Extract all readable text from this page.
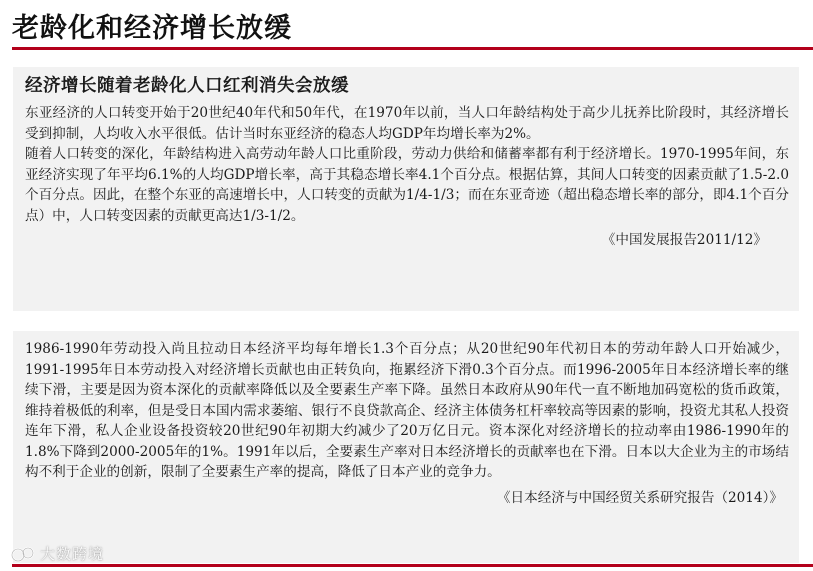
老龄化和经济增长放缓
经济增长随着老龄化人口红利消失会放缓

东亚经济的人口转变开始于20世纪40年代和50年代，在1970年以前，当人口年龄结构处于高少儿抚养比阶段时，其经济增长受到抑制，人均收入水平很低。估计当时东亚经济的稳态人均GDP年均增长率为2%。

随着人口转变的深化，年龄结构进入高劳动年龄人口比重阶段，劳动力供给和储蓄率都有利于经济增长。1970-1995年间，东亚经济实现了年平均6.1%的人均GDP增长率，高于其稳态增长率4.1个百分点。根据估算，其间人口转变的因素贡献了1.5-2.0个百分点。因此，在整个东亚的高速增长中，人口转变的贡献为1/4-1/3；而在东亚奇迹（超出稳态增长率的部分，即4.1个百分点）中，人口转变因素的贡献更高达1/3-1/2。

《中国发展报告2011/12》

1986-1990年劳动投入尚且拉动日本经济平均每年增长1.3个百分点；从20世纪90年代初日本的劳动年龄人口开始减少，1991-1995年日本劳动投入对经济增长贡献也由正转负向，拖累经济下滑0.3个百分点。而1996-2005年日本经济增长率的继续下滑，主要是因为资本深化的贡献率降低以及全要素生产率下降。虽然日本政府从90年代一直不断地加码宽松的货币政策，维持着极低的利率，但是受日本国内需求萎缩、银行不良贷款高企、经济主体债务杠杆率较高等因素的影响，投资尤其私人投资连年下滑，私人企业设备投资较20世纪90年初期大约减少了20万亿日元。资本深化对经济增长的拉动率由1986-1990年的1.8%下降到2000-2005年的1%。1991年以后，全要素生产率对日本经济增长的贡献率也在下滑。日本以大企业为主的市场结构不利于企业的创新，限制了全要素生产率的提高，降低了日本产业的竞争力。

《日本经济与中国经贸关系研究报告（2014）》
大数跨境
